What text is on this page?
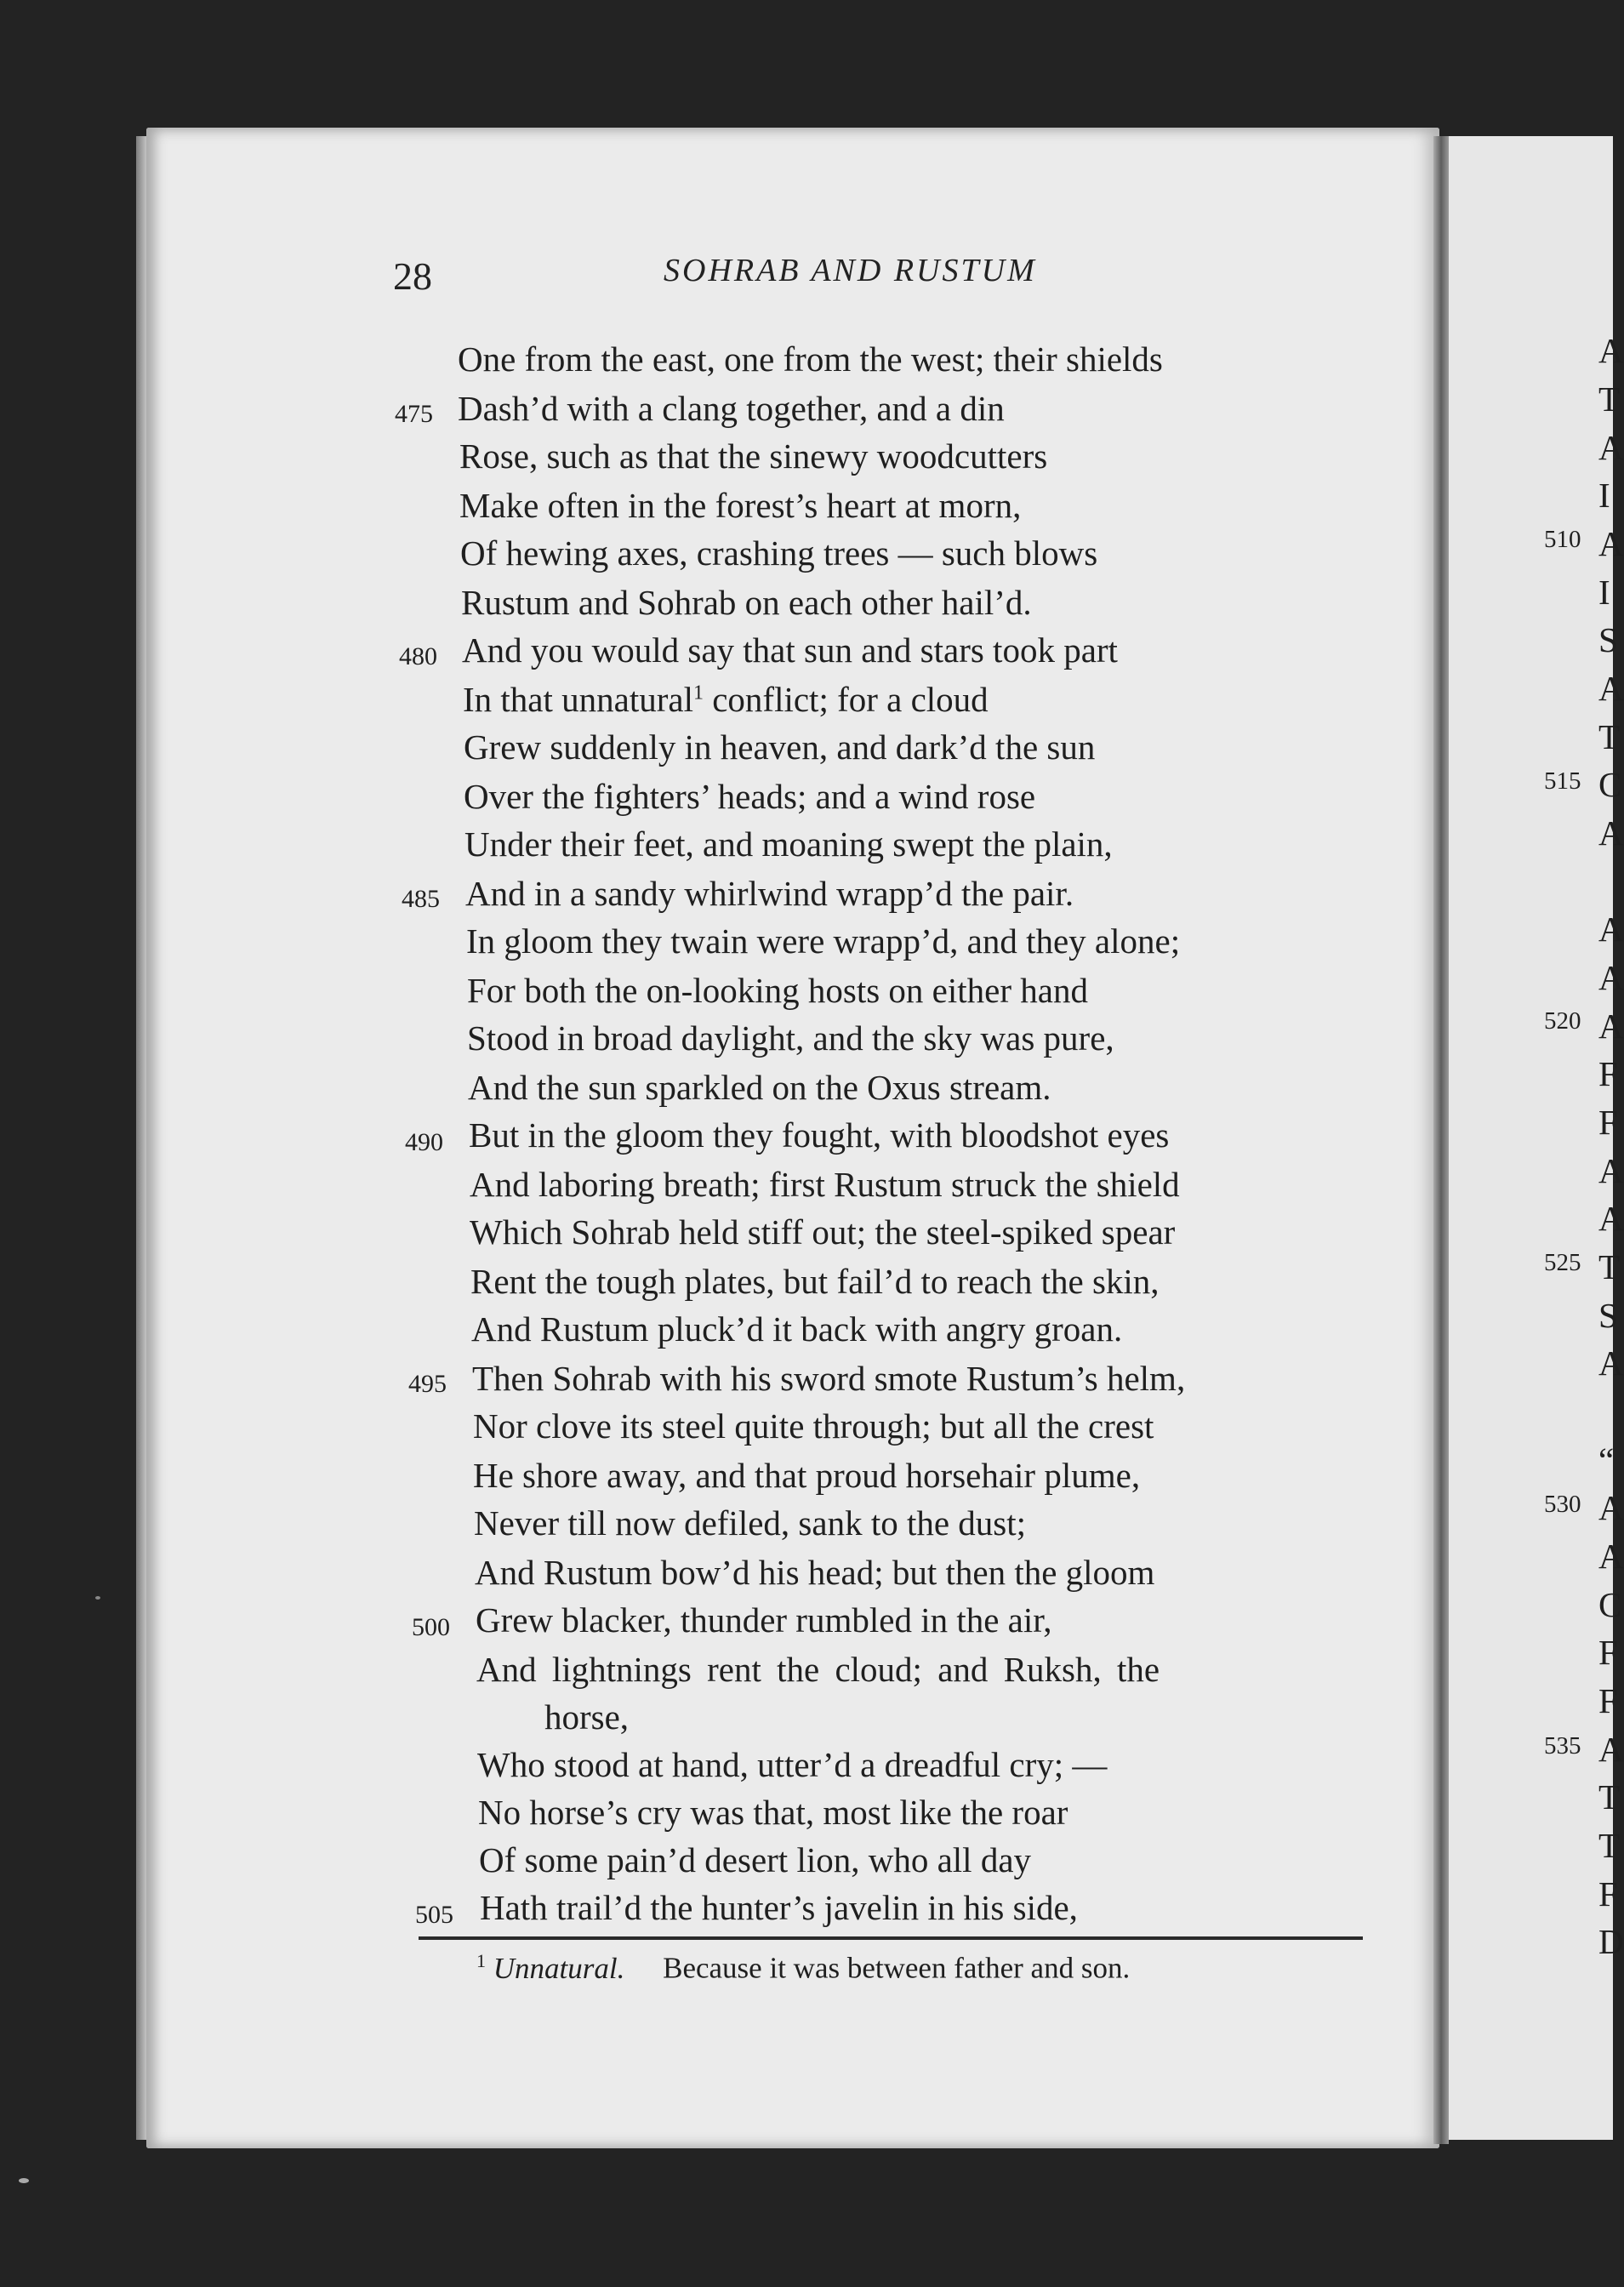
510
515
520
525
530
535
A
T
A
I
A
I
S
A
T
C
A
A
A
A
F
F
A
A
T
S
A
“
A
A
C
F
F
A
T
T
F
D
28	SOHRAB AND RUSTUM
One from the east, one from the west; their shields
475 Dash’d with a clang together, and a din
Rose, such as that the sinewy woodcutters
Make often in the forest’s heart at morn,
Of hewing axes, crashing trees — such blows
Rustum and Sohrab on each other hail’d.
480 And you would say that sun and stars took part
In that unnatural$^1$ conflict; for a cloud
Grew suddenly in heaven, and dark’d the sun
Over the fighters’ heads; and a wind rose
Under their feet, and moaning swept the plain,
485 And in a sandy whirlwind wrapp’d the pair.
In gloom they twain were wrapp’d, and they alone;
For both the on-looking hosts on either hand
Stood in broad daylight, and the sky was pure,
And the sun sparkled on the Oxus stream.
490 But in the gloom they fought, with bloodshot eyes
And laboring breath; first Rustum struck the shield
Which Sohrab held stiff out; the steel-spiked spear
Rent the tough plates, but fail’d to reach the skin,
And Rustum pluck’d it back with angry groan.
495 Then Sohrab with his sword smote Rustum’s helm,
Nor clove its steel quite through; but all the crest
He shore away, and that proud horsehair plume,
Never till now defiled, sank to the dust;
And Rustum bow’d his head; but then the gloom
500 Grew blacker, thunder rumbled in the air,
And lightnings rent the cloud; and Ruksh, the
horse,
Who stood at hand, utter’d a dreadful cry; —
No horse’s cry was that, most like the roar
Of some pain’d desert lion, who all day
$^1$ Unnatural. Because it was between father and son.
505 Hath trail’d the hunter’s javelin in his side,
